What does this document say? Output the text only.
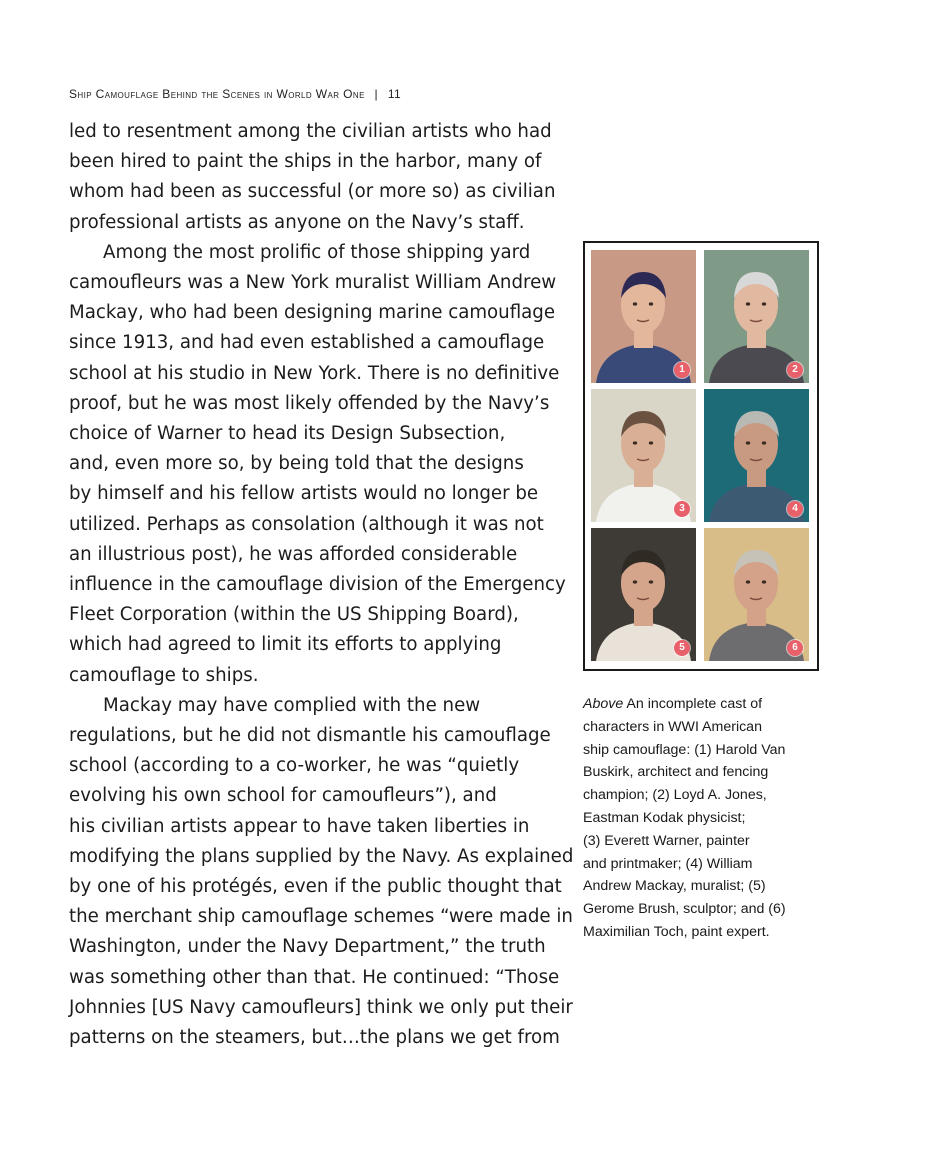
Ship Camouflage Behind the Scenes in World War One | 11
led to resentment among the civilian artists who had
been hired to paint the ships in the harbor, many of
whom had been as successful (or more so) as civilian
professional artists as anyone on the Navy’s staff.
Among the most prolific of those shipping yard
camoufleurs was a New York muralist William Andrew
Mackay, who had been designing marine camouflage
since 1913, and had even established a camouflage
school at his studio in New York. There is no definitive
proof, but he was most likely offended by the Navy’s
choice of Warner to head its Design Subsection,
and, even more so, by being told that the designs
by himself and his fellow artists would no longer be
utilized. Perhaps as consolation (although it was not
an illustrious post), he was afforded considerable
influence in the camouflage division of the Emergency
Fleet Corporation (within the US Shipping Board),
which had agreed to limit its efforts to applying
camouflage to ships.
Mackay may have complied with the new
regulations, but he did not dismantle his camouflage
school (according to a co-worker, he was “quietly
evolving his own school for camoufleurs”), and
his civilian artists appear to have taken liberties in
modifying the plans supplied by the Navy. As explained
by one of his protégés, even if the public thought that
the merchant ship camouflage schemes “were made in
Washington, under the Navy Department,” the truth
was something other than that. He continued: “Those
Johnnies [US Navy camoufleurs] think we only put their
patterns on the steamers, but…the plans we get from
1	2
3	4
5	6
Above An incomplete cast of
characters in WWI American
ship camouflage: (1) Harold Van
Buskirk, architect and fencing
champion; (2) Loyd A. Jones,
Eastman Kodak physicist;
(3) Everett Warner, painter
and printmaker; (4) William
Andrew Mackay, muralist; (5)
Gerome Brush, sculptor; and (6)
Maximilian Toch, paint expert.
